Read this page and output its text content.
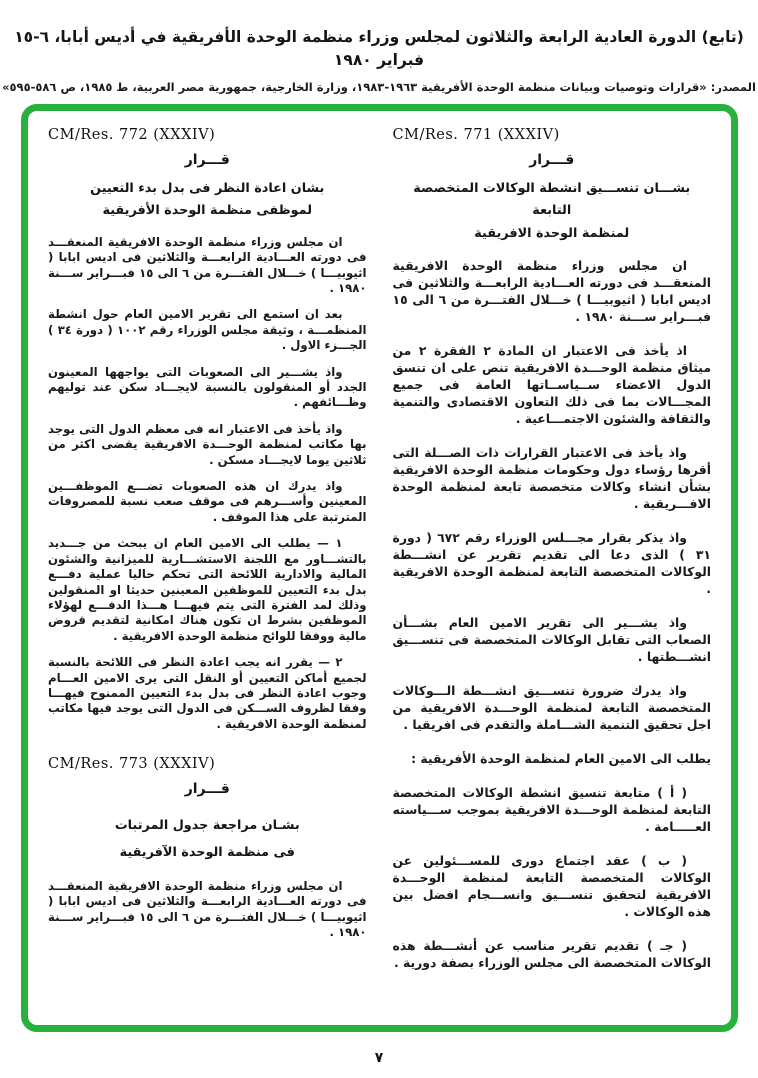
(تابع) الدورة العادية الرابعة والثلاثون لمجلس وزراء منظمة الوحدة الأفريقية في أديس أبابا، ٦-١٥ فبراير ١٩٨٠
المصدر: «قرارات وتوصيات وبيانات منظمة الوحدة الأفريقية ١٩٦٣-١٩٨٣، وزارة الخارجية، جمهورية مصر العربية، ط ١٩٨٥، ص ٥٨٦-٥٩٥»
CM/Res. 772 (XXXIV)
قـــرار
بشان اعادة النظر فى بدل بدء التعيين
لموظفى منظمة الوحدة الأفريقية

ان مجلس وزراء منظمة الوحدة الافريقية المنعقـــد فى دورته العـــادية الرابعـــة والثلاثين فى اديس ابابا ( اثيوبيـــا ) خـــلال الفتـــرة من ٦ الى ١٥ فبـــراير ســـنة ١٩٨٠ .

بعد ان استمع الى تقرير الامين العام حول انشطة المنظمـــة ، وثيقة مجلس الوزراء رقم ١٠٠٢ ( دورة ٣٤ ) الجـــزء الاول .

واذ يشـــير الى الصعوبات التى يواجهها المعينون الجدد أو المنقولون بالنسبة لايجـــاد سكن عند توليهم وظـــائفهم .

واذ يأخذ فى الاعتبار انه فى معظم الدول التى يوجد بها مكاتب لمنظمة الوحـــدة الافريقية يقضى اكثر من ثلاثين يوما لايجـــاد مسكن .

واذ يدرك ان هذه الصعوبات تضـــع الموظفـــين المعينين وأســـرهم فى موقف صعب نسبة للمصروفات المترتبة على هذا الموقف .

١ — يطلب الى الامين العام ان يبحث من جـــديد بالتشـــاور مع اللجنة الاستشـــارية للميزانية والشئون المالية والادارية اللائحة التى تحكم حاليا عملية دفـــع بدل بدء التعيين للموظفين المعينين حديثا او المنقولين وذلك لمد الفترة التى يتم فيهـــا هـــذا الدفـــع لهؤلاء الموظفين بشرط ان تكون هناك امكانية لتقديم قروض مالية ووفقا للوائح منظمة الوحدة الافريقية .

٢ — يقرر انه يجب اعادة النظر فى اللائحة بالنسبة لجميع أماكن التعيين أو النقل التى يرى الامين العـــام وجوب اعادة النظر فى بدل بدء التعيين الممنوح فيهـــا وفقا لظروف الســـكن فى الدول التى يوجد فيها مكاتب لمنظمة الوحدة الافريقية .

CM/Res. 773 (XXXIV)
قـــرار
بشـان مراجعة جدول المرتبات
فى منظمة الوحدة الآفريقية

ان مجلس وزراء منظمة الوحدة الافريقية المنعقـــد فى دورته العـــادية الرابعـــة والثلاثين فى اديس ابابا ( اثيوبيـــا ) خـــلال الفتـــرة من ٦ الى ١٥ فبـــراير ســـنة ١٩٨٠ .

CM/Res. 771 (XXXIV)
قـــرار
بشـــان تنســـيق انشطة الوكالات المتخصصة التابعة
لمنظمة الوحدة الافريقية

ان مجلس وزراء منظمة الوحدة الافريقية المنعقـــد فى دورته العـــادية الرابعـــة والثلاثين فى اديس ابابا ( اثيوبيـــا ) خـــلال الفتـــرة من ٦ الى ١٥ فبـــراير ســـنة ١٩٨٠ .

اذ يأخذ فى الاعتبار ان المادة ٢ الفقرة ٢ من ميثاق منظمة الوحـــدة الافريقية تنص على ان تنسق الدول الاعضاء ســياســاتها العامة فى جميع المجـــالات بما فى ذلك التعاون الاقتصادى والتنمية والثقافة والشئون الاجتمـــاعية .

واذ يأخذ فى الاعتبار القرارات ذات الصـــلة التى أقرها رؤساء دول وحكومات منظمة الوحدة الافريقية بشأن انشاء وكالات متخصصة تابعة لمنظمة الوحدة الافـــريقية .

واذ يذكر بقرار مجـــلس الوزراء رقم ٦٧٢ ( دورة ٣١ ) الذى دعا الى تقديم تقرير عن انشـــطة الوكالات المتخصصة التابعة لمنظمة الوحدة الافريقية .

واذ يشـــير الى تقرير الامين العام بشـــأن الصعاب التى تقابل الوكالات المتخصصة فى تنســـيق انشـــطتها .

واذ يدرك ضرورة تنســـيق انشـــطة الـــوكالات المتخصصة التابعة لمنظمة الوحـــدة الافريقية من اجل تحقيق التنمية الشـــاملة والتقدم فى افريقيا .

يطلب الى الامين العام لمنظمة الوحدة الأفريقية :

( أ ) متابعة تنسيق انشطة الوكالات المتخصصة التابعة لمنظمة الوحـــدة الافريقية بموجب ســـياسته العـــــامة .

( ب ) عقد اجتماع دورى للمســـئولين عن الوكالات المتخصصة التابعة لمنظمة الوحـــدة الافريقية لتحقيق تنســـيق وانســـجام افضل بين هذه الوكالات .

( جـ ) تقديم تقرير مناسب عن أنشـــطة هذه الوكالات المتخصصة الى مجلس الوزراء بصفة دورية .

٧
